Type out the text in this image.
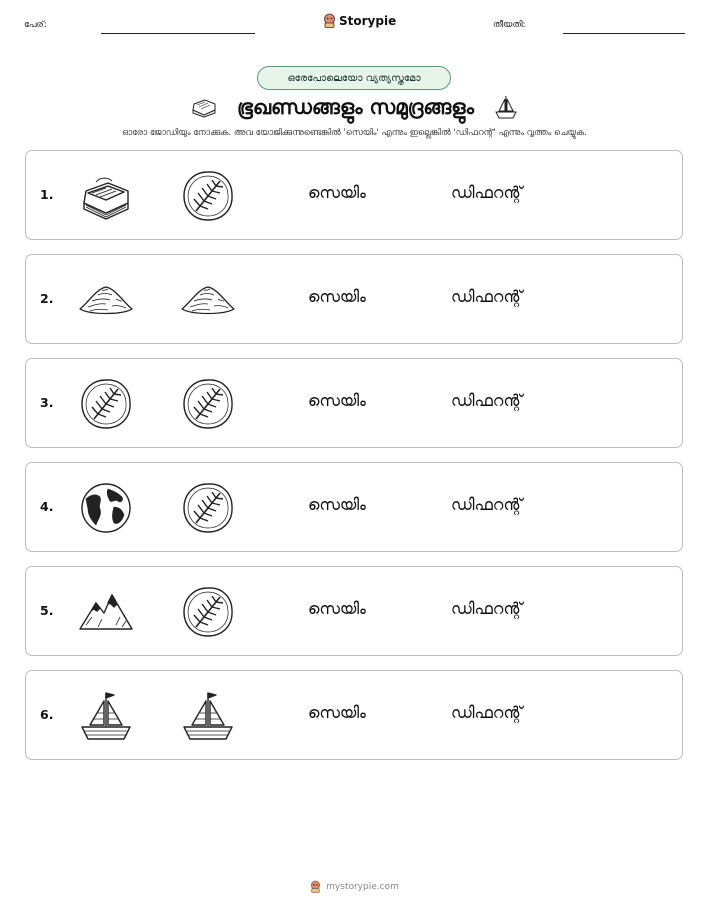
പേര്:	Storypie	തീയതി:
ഒരേപോലെയോ വ്യത്യസ്തമോ
ഭൂഖണ്ഡങ്ങളും സമുദ്രങ്ങളും
ഓരോ ജോഡിയും നോക്കുക. അവ യോജിക്കുന്നുണ്ടെങ്കിൽ 'സെയിം' എന്നും ഇല്ലെങ്കിൽ 'ഡിഫറന്റ്' എന്നും വൃത്തം ചെയ്യുക.
1.	സെയിം	ഡിഫറന്റ്
2.	സെയിം	ഡിഫറന്റ്
3.	സെയിം	ഡിഫറന്റ്
4.	സെയിം	ഡിഫറന്റ്
5.	സെയിം	ഡിഫറന്റ്
6.	സെയിം	ഡിഫറന്റ്
mystorypie.com
